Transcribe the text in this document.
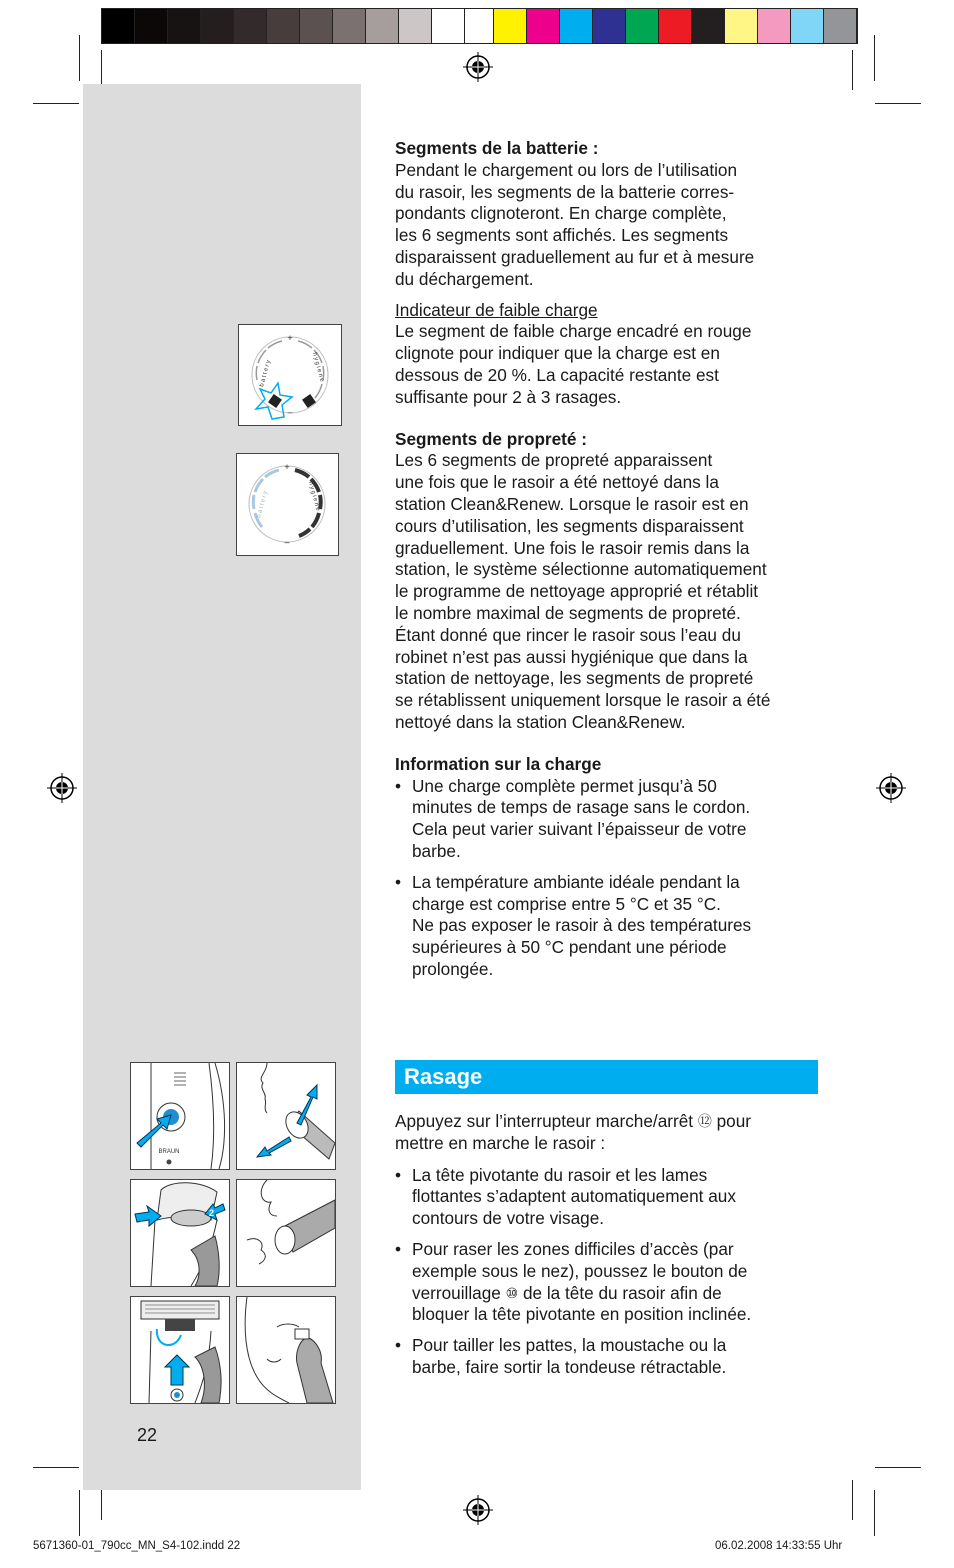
+
–
battery	hygiene
+
–
battery	hygiene

Segments de la batterie :

Pendant le chargement ou lors de l’utilisation

du rasoir, les segments de la batterie corres-

pondants clignoteront. En charge complète,

les 6 segments sont affichés. Les segments

disparaissent graduellement au fur et à mesure

du déchargement.

Indicateur de faible charge

Le segment de faible charge encadré en rouge

clignote pour indiquer que la charge est en

dessous de 20 %. La capacité restante est

suffisante pour 2 à 3 rasages.

Segments de propreté :

Les 6 segments de propreté apparaissent

une fois que le rasoir a été nettoyé dans la

station Clean&Renew. Lorsque le rasoir est en

cours d’utilisation, les segments disparaissent

graduellement. Une fois le rasoir remis dans la

station, le système sélectionne automatiquement

le programme de nettoyage approprié et rétablit

le nombre maximal de segments de propreté.

Étant donné que rincer le rasoir sous l’eau du

robinet n’est pas aussi hygiénique que dans la

station de nettoyage, les segments de propreté

se rétablissent uniquement lorsque le rasoir a été

nettoyé dans la station Clean&Renew.

Information sur la charge

• Une charge complète permet jusqu’à 50

minutes de temps de rasage sans le cordon.

Cela peut varier suivant l’épaisseur de votre

barbe.

• La température ambiante idéale pendant la

charge est comprise entre 5 °C et 35 °C.

Ne pas exposer le rasoir à des températures

supérieures à 50 °C pendant une période

prolongée.

Rasage

Appuyez sur l’interrupteur marche/arrêt ⑫ pour
mettre en marche le rasoir :

• La tête pivotante du rasoir et les lames

flottantes s’adaptent automatiquement aux

contours de votre visage.

• Pour raser les zones difficiles d’accès (par

exemple sous le nez), poussez le bouton de

verrouillage ⑩ de la tête du rasoir afin de

bloquer la tête pivotante en position inclinée.

• Pour tailler les pattes, la moustache ou la

barbe, faire sortir la tondeuse rétractable.

BRAUN
1
2
22
5671360-01_790cc_MN_S4-102.indd 22	06.02.2008 14:33:55 Uhr
